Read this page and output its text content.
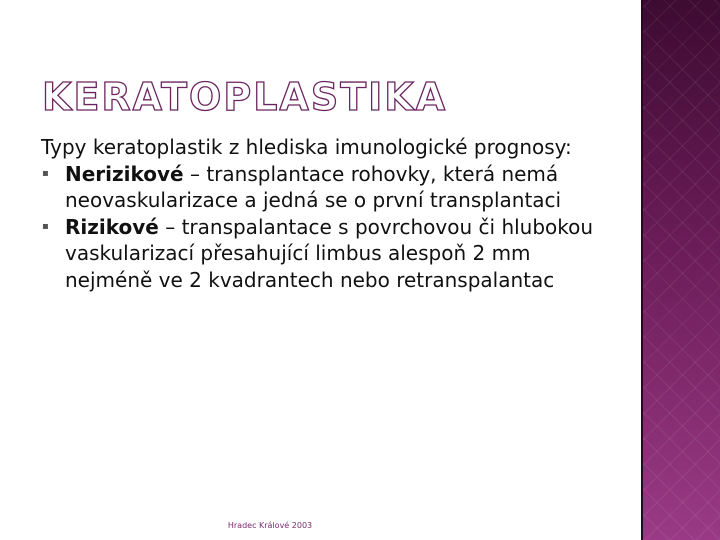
KERATOPLASTIKA

Typy keratoplastik z hlediska imunologické prognosy:

▪ Nerizikové – transplantace rohovky, která nemá neovaskularizace a jedná se o první transplantaci

▪ Rizikové – transpalantace s povrchovou či hlubokou vaskularizací přesahující limbus alespoň 2 mm nejméně ve 2 kvadrantech nebo retranspalantac

Hradec Králové 2003
